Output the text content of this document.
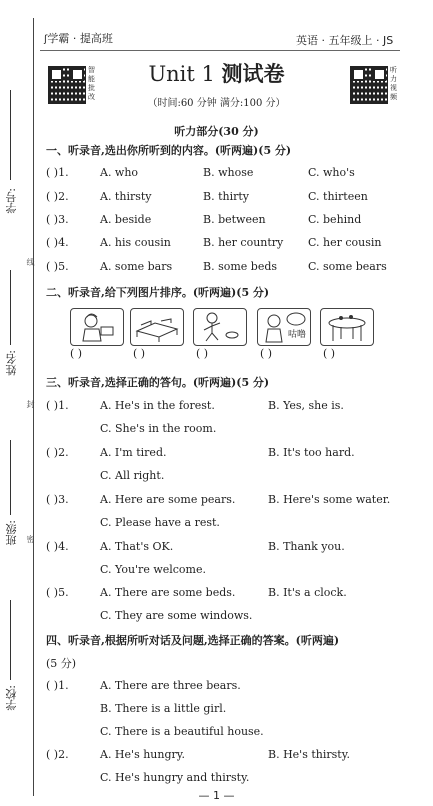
学号:
姓名:
班级:
学校:
线
封
密
ʃ学霸 · 提高班	英语 · 五年级上 · JS
智能批改
听力视频
Unit 1 测试卷
（时间:60 分钟 满分:100 分）
听力部分(30 分)
一、听录音,选出你所听到的内容。(听两遍)(5 分)
( )1.	A. who	B. whose	C. who's
( )2.	A. thirsty	B. thirty	C. thirteen
( )3.	A. beside	B. between	C. behind
( )4.	A. his cousin	B. her country C. her cousin
( )5.	A. some bars	B. some beds	C. some bears
二、听录音,给下列图片排序。(听两遍)(5 分)
咕噜
( )	( )	( )	( )	( )
三、听录音,选择正确的答句。(听两遍)(5 分)
( )1.	A. He's in the forest.	B. Yes, she is.
C. She's in the room.
( )2.	A. I'm tired.	B. It's too hard.
C. All right.
( )3.	A. Here are some pears.	B. Here's some water.
C. Please have a rest.
( )4.	A. That's OK.	B. Thank you.
C. You're welcome.
( )5.	A. There are some beds.	B. It's a clock.
C. They are some windows.
四、听录音,根据所听对话及问题,选择正确的答案。(听两遍)
(5 分)
( )1.	A. There are three bears.
B. There is a little girl.
C. There is a beautiful house.
( )2.	A. He's hungry.	B. He's thirsty.
C. He's hungry and thirsty.
— 1 —
